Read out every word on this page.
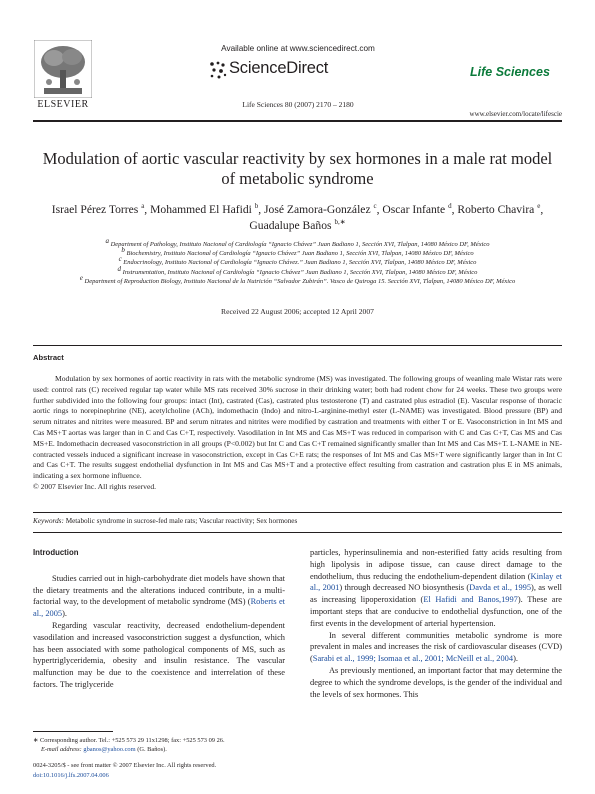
ELSEVIER
Available online at www.sciencedirect.com
ScienceDirect
Life Sciences 80 (2007) 2170 – 2180
Life Sciences
www.elsevier.com/locate/lifescie
Modulation of aortic vascular reactivity by sex hormones in a male rat model of metabolic syndrome
Israel Pérez Torres $^a$, Mohammed El Hafidi $^b$, José Zamora-González $^c$, Oscar Infante $^d$, Roberto Chavira $^e$, Guadalupe Baños $^{b,∗}$
$^a$ Department of Pathology, Instituto Nacional of Cardiología “Ignacio Chávez” Juan Badiano 1, Sección XVI, Tlalpan, 14080 México DF, México
$^b$ Biochemistry, Instituto Nacional of Cardiología “Ignacio Chávez” Juan Badiano 1, Sección XVI, Tlalpan, 14080 México DF, México
$^c$ Endocrinology, Instituto Nacional of Cardiología “Ignacio Chávez.” Juan Badiano 1, Sección XVI, Tlalpan, 14080 México DF, México
$^d$ Instrumentation, Instituto Nacional of Cardiología “Ignacio Chávez” Juan Badiano 1, Sección XVI, Tlalpan, 14080 México DF, México
$^e$ Department of Reproduction Biology, Instituto Nacional de la Nutrición “Salvador Zubirán”. Vasco de Quiroga 15. Sección XVI, Tlalpan, 14080 México DF, México
Received 22 August 2006; accepted 12 April 2007
Abstract

Modulation by sex hormones of aortic reactivity in rats with the metabolic syndrome (MS) was investigated. The following groups of weanling male Wistar rats were used: control rats (C) received regular tap water while MS rats received 30% sucrose in their drinking water; both had rodent chow for 24 weeks. These two groups were further subdivided into the following four groups: intact (Int), castrated (Cas), castrated plus testosterone (T) and castrated plus estradiol (E). Vascular response of thoracic aortic rings to norepinephrine (NE), acetylcholine (ACh), indomethacin (Indo) and nitro-L-arginine-methyl ester (L-NAME) was investigated. Blood pressure (BP) and serum nitrates and nitrites were measured. BP and serum nitrates and nitrites were modified by castration and treatments with either T or E. Vasoconstriction in Int MS and Cas MS+T aortas was larger than in C and Cas C+T, respectively. Vasodilation in Int MS and Cas MS+T was reduced in comparison with C and Cas C+T, Cas MS and Cas MS+E. Indomethacin decreased vasoconstriction in all groups (P<0.002) but Int C and Cas C+T remained significantly smaller than Int MS and Cas MS+T. L-NAME in NE-contracted vessels induced a significant increase in vasoconstriction, except in Cas C+E rats; the responses of Int MS and Cas MS+T were significantly larger than in Int C and Cas C+T. The results suggest endothelial dysfunction in Int MS and Cas MS+T and a protective effect resulting from castration and castration plus E in MS animals, indicating a sex hormone influence.

© 2007 Elsevier Inc. All rights reserved.
Keywords: Metabolic syndrome in sucrose-fed male rats; Vascular reactivity; Sex hormones
Introduction

Studies carried out in high-carbohydrate diet models have shown that the dietary treatments and the alterations induced contribute, in a multi-factorial way, to the development of metabolic syndrome (MS) (Roberts et al., 2005).

Regarding vascular reactivity, decreased endothelium-dependent vasodilation and increased vasoconstriction suggest a dysfunction, which has been associated with some pathological components of MS, such as hypertriglyceridemia, obesity and insulin resistance. The vascular malfunction may be due to the coexistence and interrelation of these factors. The triglyceride

particles, hyperinsulinemia and non-esterified fatty acids resulting from high lipolysis in adipose tissue, can cause direct damage to the endothelium, thus reducing the endothelium-dependent dilation (Kinlay et al., 2001) through decreased NO biosynthesis (Davda et al., 1995), as well as increasing lipoperoxidation (El Hafidi and Banos,1997). These are important steps that are conducive to endothelial dysfunction, one of the first events in the development of arterial hypertension.

In several different communities metabolic syndrome is more prevalent in males and increases the risk of cardiovascular diseases (CVD) (Sarabi et al., 1999; Isomaa et al., 2001; McNeill et al., 2004).

As previously mentioned, an important factor that may determine the degree to which the syndrome develops, is the gender of the individual and the levels of sex hormones. This

∗ Corresponding author. Tel.: +525 573 29 11x1298; fax: +525 573 09 26.
E-mail address: gbanos@yahoo.com (G. Baños).
0024-3205/$ - see front matter © 2007 Elsevier Inc. All rights reserved.
doi:10.1016/j.lfs.2007.04.006
